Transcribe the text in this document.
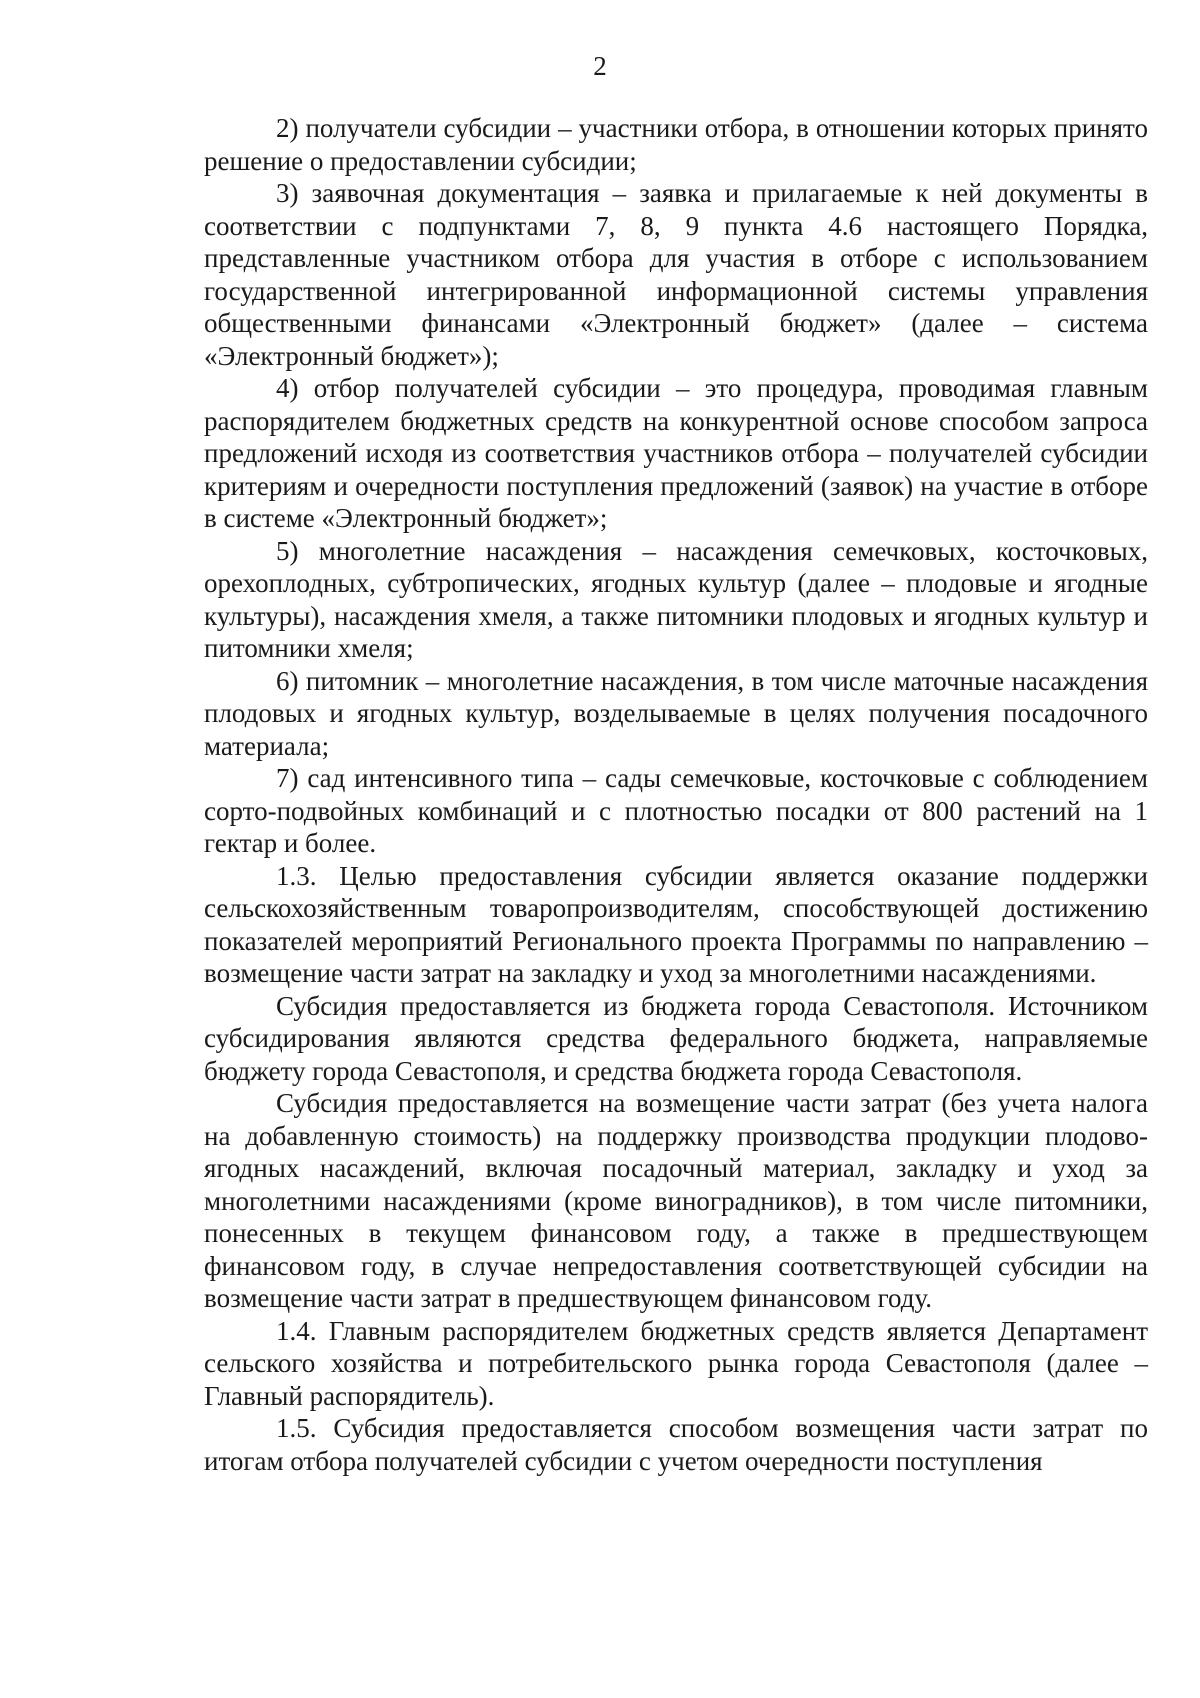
2

2) получатели субсидии – участники отбора, в отношении которых принято решение о предоставлении субсидии;

3) заявочная документация – заявка и прилагаемые к ней документы в соответствии с подпунктами 7, 8, 9 пункта 4.6 настоящего Порядка, представленные участником отбора для участия в отборе с использованием государственной интегрированной информационной системы управления общественными финансами «Электронный бюджет» (далее – система «Электронный бюджет»);

4) отбор получателей субсидии – это процедура, проводимая главным распорядителем бюджетных средств на конкурентной основе способом запроса предложений исходя из соответствия участников отбора – получателей субсидии критериям и очередности поступления предложений (заявок) на участие в отборе в системе «Электронный бюджет»;

5) многолетние насаждения – насаждения семечковых, косточковых, орехоплодных, субтропических, ягодных культур (далее – плодовые и ягодные культуры), насаждения хмеля, а также питомники плодовых и ягодных культур и питомники хмеля;

6) питомник – многолетние насаждения, в том числе маточные насаждения плодовых и ягодных культур, возделываемые в целях получения посадочного материала;

7) сад интенсивного типа – сады семечковые, косточковые с соблюдением сорто-подвойных комбинаций и с плотностью посадки от 800 растений на 1 гектар и более.

1.3. Целью предоставления субсидии является оказание поддержки сельскохозяйственным товаропроизводителям, способствующей достижению показателей мероприятий Регионального проекта Программы по направлению – возмещение части затрат на закладку и уход за многолетними насаждениями.

Субсидия предоставляется из бюджета города Севастополя. Источником субсидирования являются средства федерального бюджета, направляемые бюджету города Севастополя, и средства бюджета города Севастополя.

Субсидия предоставляется на возмещение части затрат (без учета налога на добавленную стоимость) на поддержку производства продукции плодово-ягодных насаждений, включая посадочный материал, закладку и уход за многолетними насаждениями (кроме виноградников), в том числе питомники, понесенных в текущем финансовом году, а также в предшествующем финансовом году, в случае непредоставления соответствующей субсидии на возмещение части затрат в предшествующем финансовом году.

1.4. Главным распорядителем бюджетных средств является Департамент сельского хозяйства и потребительского рынка города Севастополя (далее – Главный распорядитель).

1.5. Субсидия предоставляется способом возмещения части затрат по итогам отбора получателей субсидии с учетом очередности поступления
